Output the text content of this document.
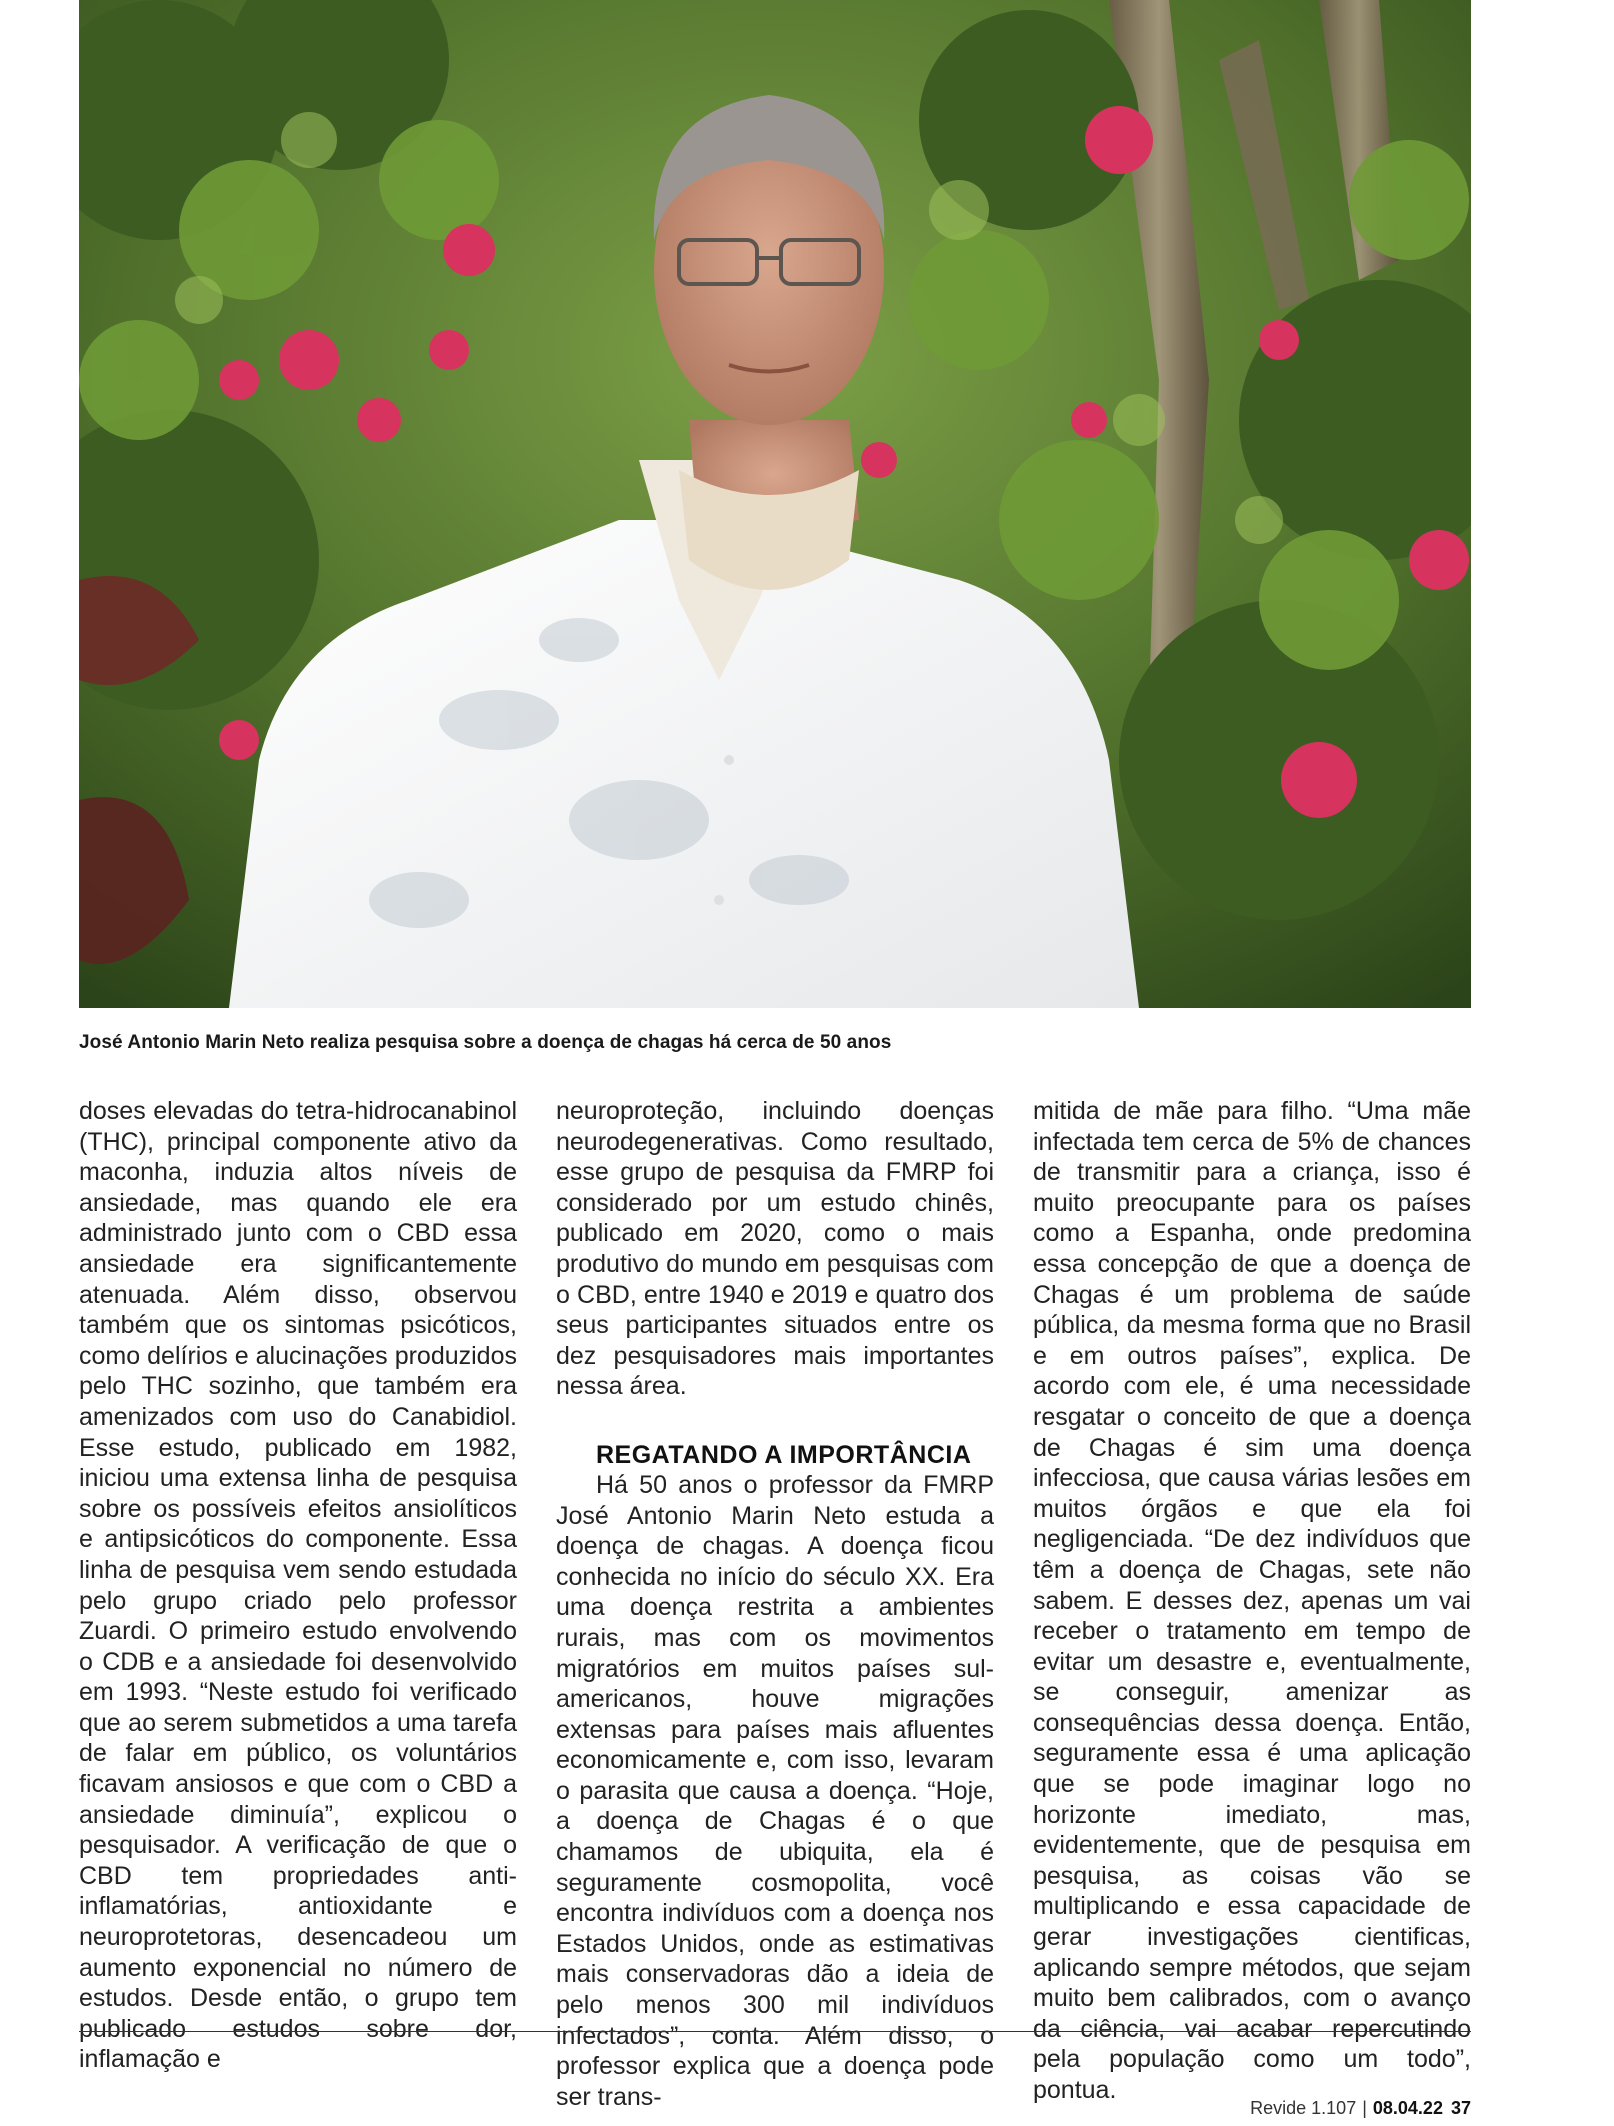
José Antonio Marin Neto realiza pesquisa sobre a doença de chagas há cerca de 50 anos

doses elevadas do tetra-hidrocanabinol (THC), principal componente ativo da maconha, induzia altos níveis de ansiedade, mas quando ele era administrado junto com o CBD essa ansiedade era significantemente atenuada. Além disso, observou também que os sintomas psicóticos, como delírios e alucinações produzidos pelo THC sozinho, que também era amenizados com uso do Canabidiol. Esse estudo, publicado em 1982, iniciou uma extensa linha de pesquisa sobre os possíveis efeitos ansiolíticos e antipsicóticos do componente. Essa linha de pesquisa vem sendo estudada pelo grupo criado pelo professor Zuardi. O primeiro estudo envolvendo o CDB e a ansiedade foi desenvolvido em 1993. “Neste estudo foi verificado que ao serem submetidos a uma tarefa de falar em público, os voluntários ficavam ansiosos e que com o CBD a ansiedade diminuía”, explicou o pesquisador. A verificação de que o CBD tem propriedades anti-inflamatórias, antioxidante e neuroprotetoras, desencadeou um aumento exponencial no número de estudos. Desde então, o grupo tem publicado estudos sobre dor, inflamação e

neuroproteção, incluindo doenças neurodegenerativas. Como resultado, esse grupo de pesquisa da FMRP foi considerado por um estudo chinês, publicado em 2020, como o mais produtivo do mundo em pesquisas com o CBD, entre 1940 e 2019 e quatro dos seus participantes situados entre os dez pesquisadores mais importantes nessa área.

REGATANDO A IMPORTÂNCIA

Há 50 anos o professor da FMRP José Antonio Marin Neto estuda a doença de chagas. A doença ficou conhecida no início do século XX. Era uma doença restrita a ambientes rurais, mas com os movimentos migratórios em muitos países sul-americanos, houve migrações extensas para países mais afluentes economicamente e, com isso, levaram o parasita que causa a doença. “Hoje, a doença de Chagas é o que chamamos de ubiquita, ela é seguramente cosmopolita, você encontra indivíduos com a doença nos Estados Unidos, onde as estimativas mais conservadoras dão a ideia de pelo menos 300 mil indivíduos infectados”, conta. Além disso, o professor explica que a doença pode ser trans-

mitida de mãe para filho. “Uma mãe infectada tem cerca de 5% de chances de transmitir para a criança, isso é muito preocupante para os países como a Espanha, onde predomina essa concepção de que a doença de Chagas é um problema de saúde pública, da mesma forma que no Brasil e em outros países”, explica. De acordo com ele, é uma necessidade resgatar o conceito de que a doença de Chagas é sim uma doença infecciosa, que causa várias lesões em muitos órgãos e que ela foi negligenciada. “De dez indivíduos que têm a doença de Chagas, sete não sabem. E desses dez, apenas um vai receber o tratamento em tempo de evitar um desastre e, eventualmente, se conseguir, amenizar as consequências dessa doença. Então, seguramente essa é uma aplicação que se pode imaginar logo no horizonte imediato, mas, evidentemente, que de pesquisa em pesquisa, as coisas vão se multiplicando e essa capacidade de gerar investigações cientificas, aplicando sempre métodos, que sejam muito bem calibrados, com o avanço da ciência, vai acabar repercutindo pela população como um todo”, pontua.

Revide 1.107 | 08.04.22 37
